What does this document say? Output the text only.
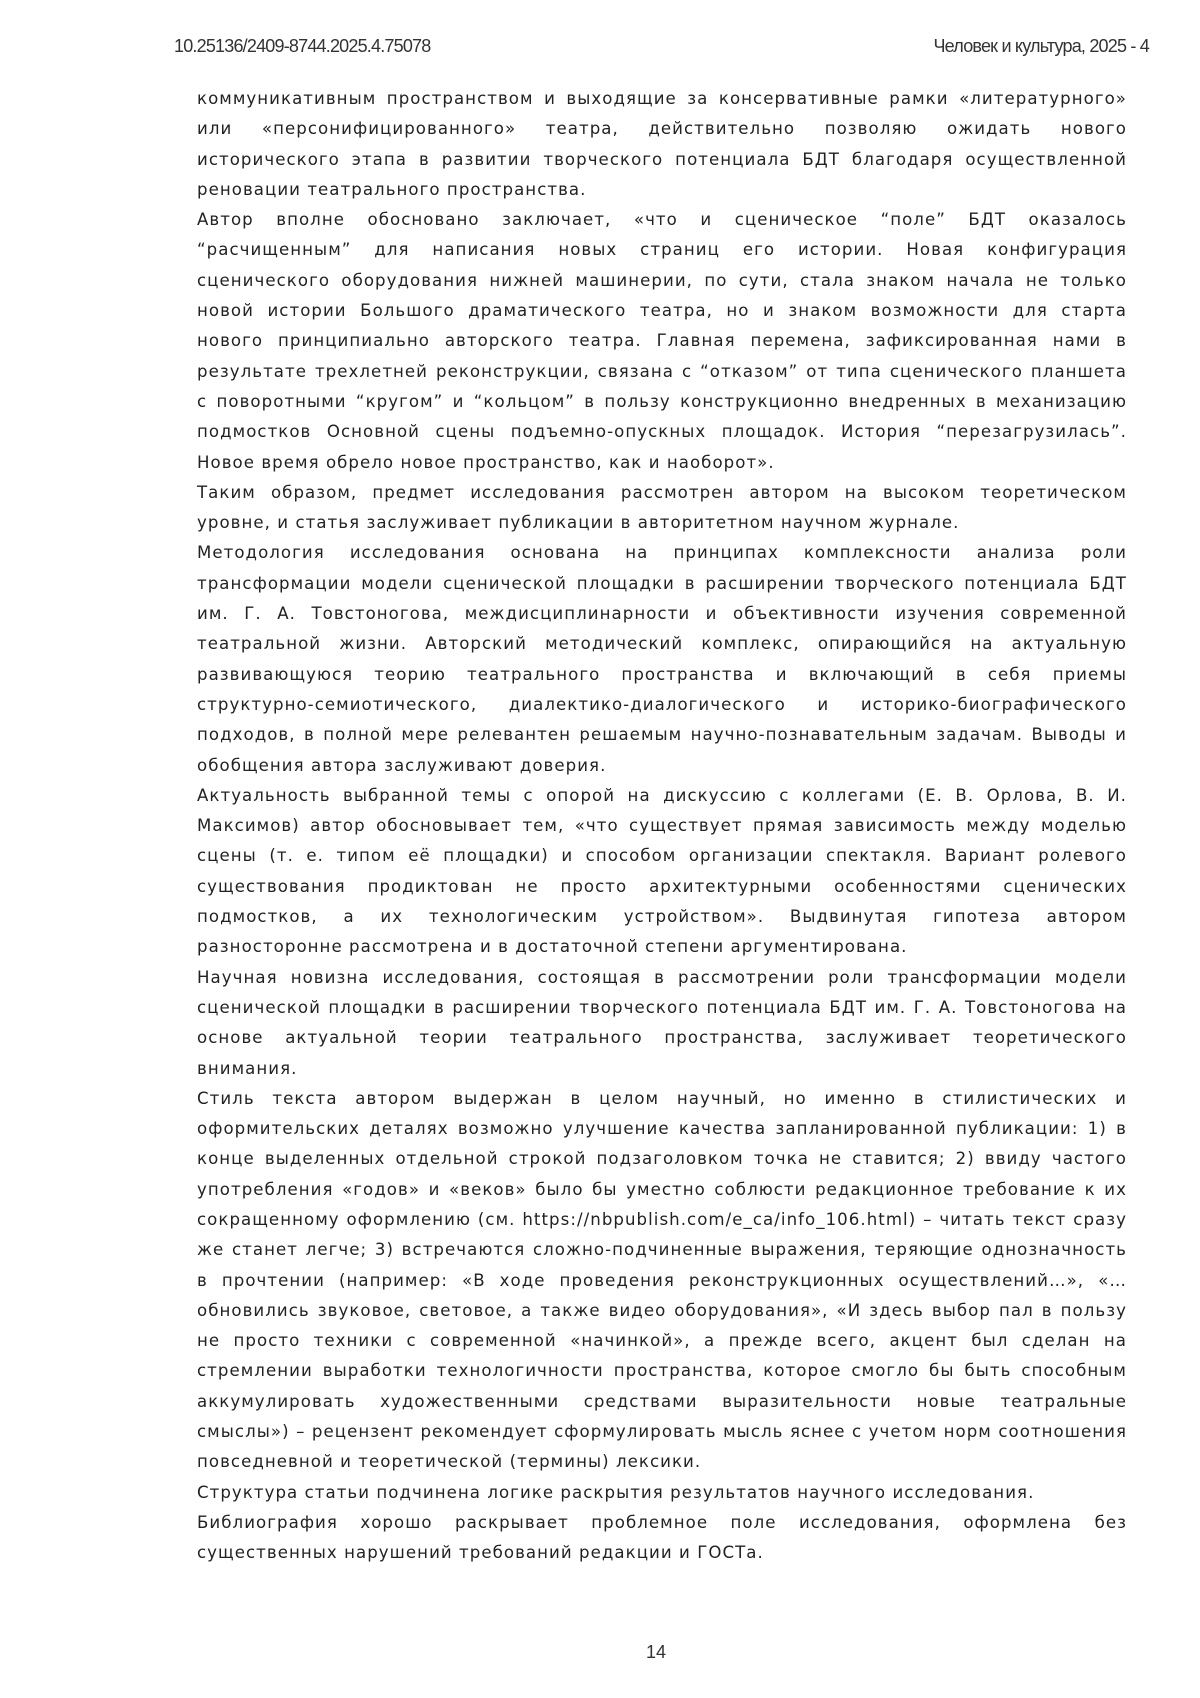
10.25136/2409-8744.2025.4.75078	Человек и культура, 2025 - 4

коммуникативным пространством и выходящие за консервативные рамки «литературного» или «персонифицированного» театра, действительно позволяю ожидать нового исторического этапа в развитии творческого потенциала БДТ благодаря осуществленной реновации театрального пространства.

Автор вполне обосновано заключает, «что и сценическое “поле” БДТ оказалось “расчищенным” для написания новых страниц его истории. Новая конфигурация сценического оборудования нижней машинерии, по сути, стала знаком начала не только новой истории Большого драматического театра, но и знаком возможности для старта нового принципиально авторского театра. Главная перемена, зафиксированная нами в результате трехлетней реконструкции, связана с “отказом” от типа сценического планшета с поворотными “кругом” и “кольцом” в пользу конструкционно внедренных в механизацию подмостков Основной сцены подъемно-опускных площадок. История “перезагрузилась”. Новое время обрело новое пространство, как и наоборот».

Таким образом, предмет исследования рассмотрен автором на высоком теоретическом уровне, и статья заслуживает публикации в авторитетном научном журнале.

Методология исследования основана на принципах комплексности анализа роли трансформации модели сценической площадки в расширении творческого потенциала БДТ им. Г. А. Товстоногова, междисциплинарности и объективности изучения современной театральной жизни. Авторский методический комплекс, опирающийся на актуальную развивающуюся теорию театрального пространства и включающий в себя приемы структурно-семиотического, диалектико-диалогического и историко-биографического подходов, в полной мере релевантен решаемым научно-познавательным задачам. Выводы и обобщения автора заслуживают доверия.

Актуальность выбранной темы с опорой на дискуссию с коллегами (Е. В. Орлова, В. И. Максимов) автор обосновывает тем, «что существует прямая зависимость между моделью сцены (т. е. типом её площадки) и способом организации спектакля. Вариант ролевого существования продиктован не просто архитектурными особенностями сценических подмостков, а их технологическим устройством». Выдвинутая гипотеза автором разносторонне рассмотрена и в достаточной степени аргументирована.

Научная новизна исследования, состоящая в рассмотрении роли трансформации модели сценической площадки в расширении творческого потенциала БДТ им. Г. А. Товстоногова на основе актуальной теории театрального пространства, заслуживает теоретического внимания.

Стиль текста автором выдержан в целом научный, но именно в стилистических и оформительских деталях возможно улучшение качества запланированной публикации: 1) в конце выделенных отдельной строкой подзаголовком точка не ставится; 2) ввиду частого употребления «годов» и «веков» было бы уместно соблюсти редакционное требование к их сокращенному оформлению (см. https://nbpublish.com/e_ca/info_106.html) – читать текст сразу же станет легче; 3) встречаются сложно-подчиненные выражения, теряющие однозначность в прочтении (например: «В ходе проведения реконструкционных осуществлений…», «… обновились звуковое, световое, а также видео оборудования», «И здесь выбор пал в пользу не просто техники с современной «начинкой», а прежде всего, акцент был сделан на стремлении выработки технологичности пространства, которое смогло бы быть способным аккумулировать художественными средствами выразительности новые театральные смыслы») – рецензент рекомендует сформулировать мысль яснее с учетом норм соотношения повседневной и теоретической (термины) лексики.

Структура статьи подчинена логике раскрытия результатов научного исследования.

Библиография хорошо раскрывает проблемное поле исследования, оформлена без существенных нарушений требований редакции и ГОСТа.

14
